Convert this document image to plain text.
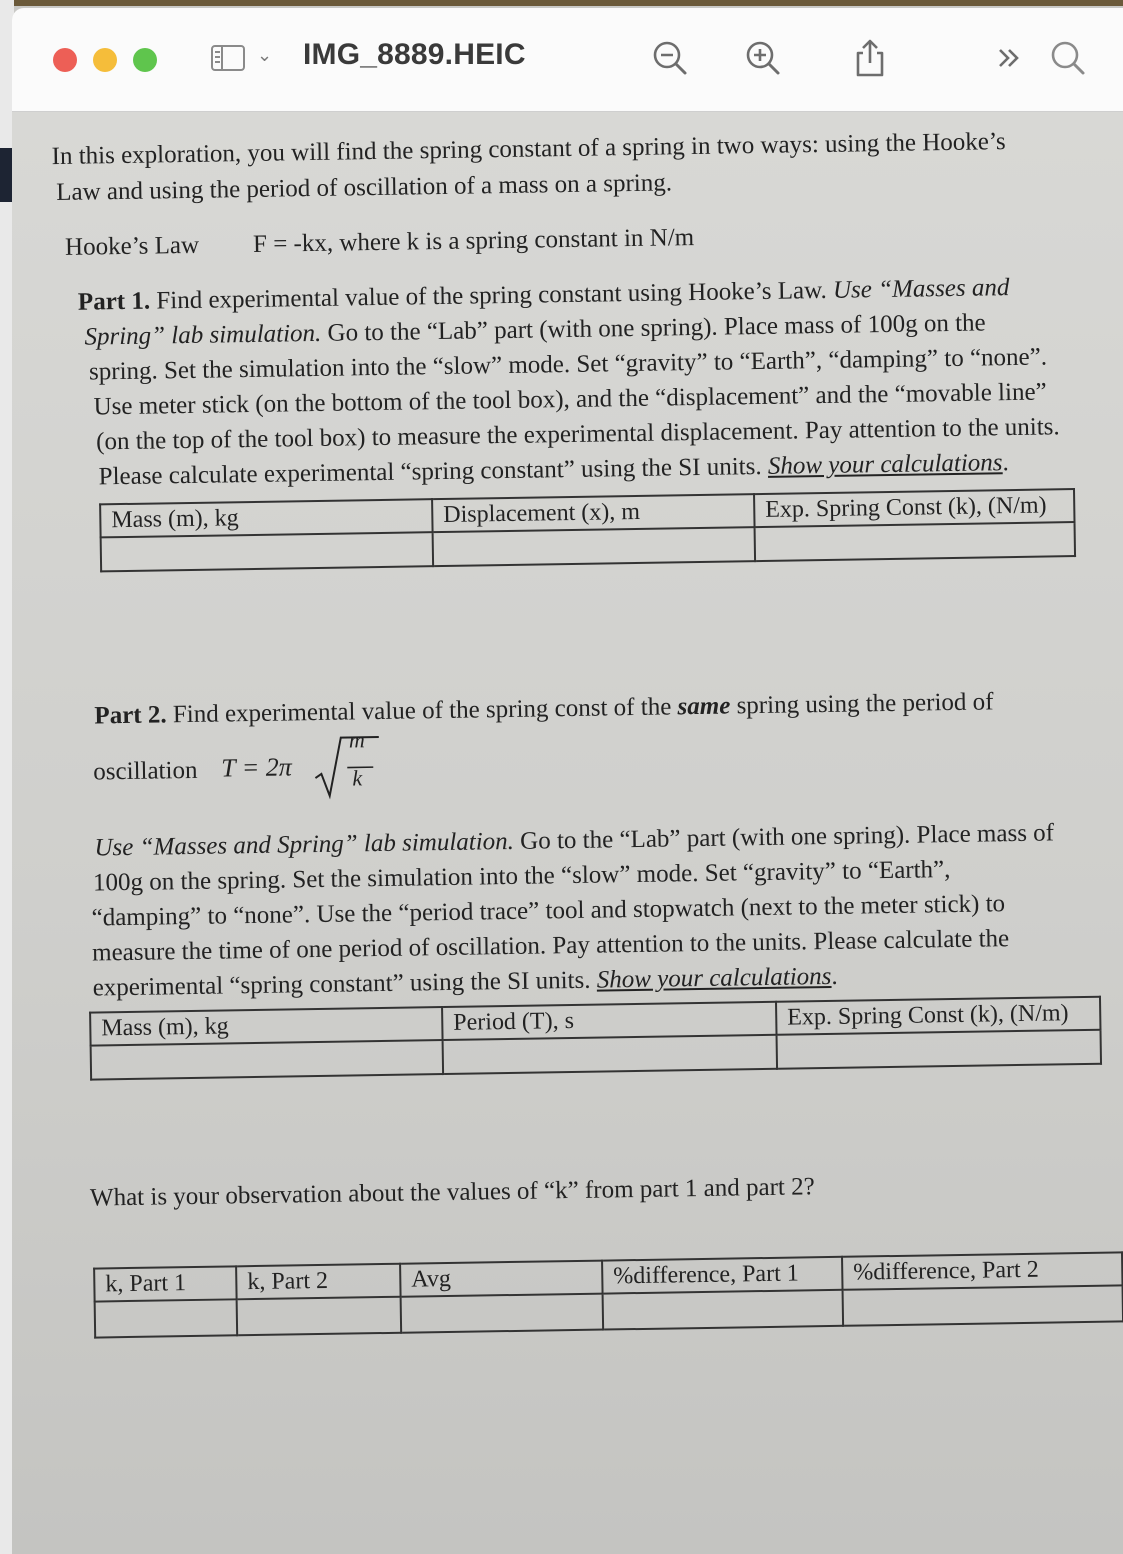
⌄ IMG_8889.HEIC

In this exploration, you will find the spring constant of a spring in two ways: using the Hooke’s

Law and using the period of oscillation of a mass on a spring.

Hooke’s Law F = -kx, where k is a spring constant in N/m

Part 1. Find experimental value of the spring constant using Hooke’s Law. Use “Masses and

Spring” lab simulation. Go to the “Lab” part (with one spring). Place mass of 100g on the

spring. Set the simulation into the “slow” mode. Set “gravity” to “Earth”, “damping” to “none”.

Use meter stick (on the bottom of the tool box), and the “displacement” and the “movable line”

(on the top of the tool box) to measure the experimental displacement. Pay attention to the units.

Please calculate experimental “spring constant” using the SI units. Show your calculations.

Mass (m), kg	Displacement (x), m	Exp. Spring Const (k), (N/m)

Part 2. Find experimental value of the spring const of the same spring using the period of

oscillation T = 2π
m
k

Use “Masses and Spring” lab simulation. Go to the “Lab” part (with one spring). Place mass of

100g on the spring. Set the simulation into the “slow” mode. Set “gravity” to “Earth”,

“damping” to “none”. Use the “period trace” tool and stopwatch (next to the meter stick) to

measure the time of one period of oscillation. Pay attention to the units. Please calculate the

experimental “spring constant” using the SI units. Show your calculations.

Mass (m), kg	Period (T), s	Exp. Spring Const (k), (N/m)

What is your observation about the values of “k” from part 1 and part 2?

k, Part 1	k, Part 2	Avg	%difference, Part 1	%difference, Part 2
